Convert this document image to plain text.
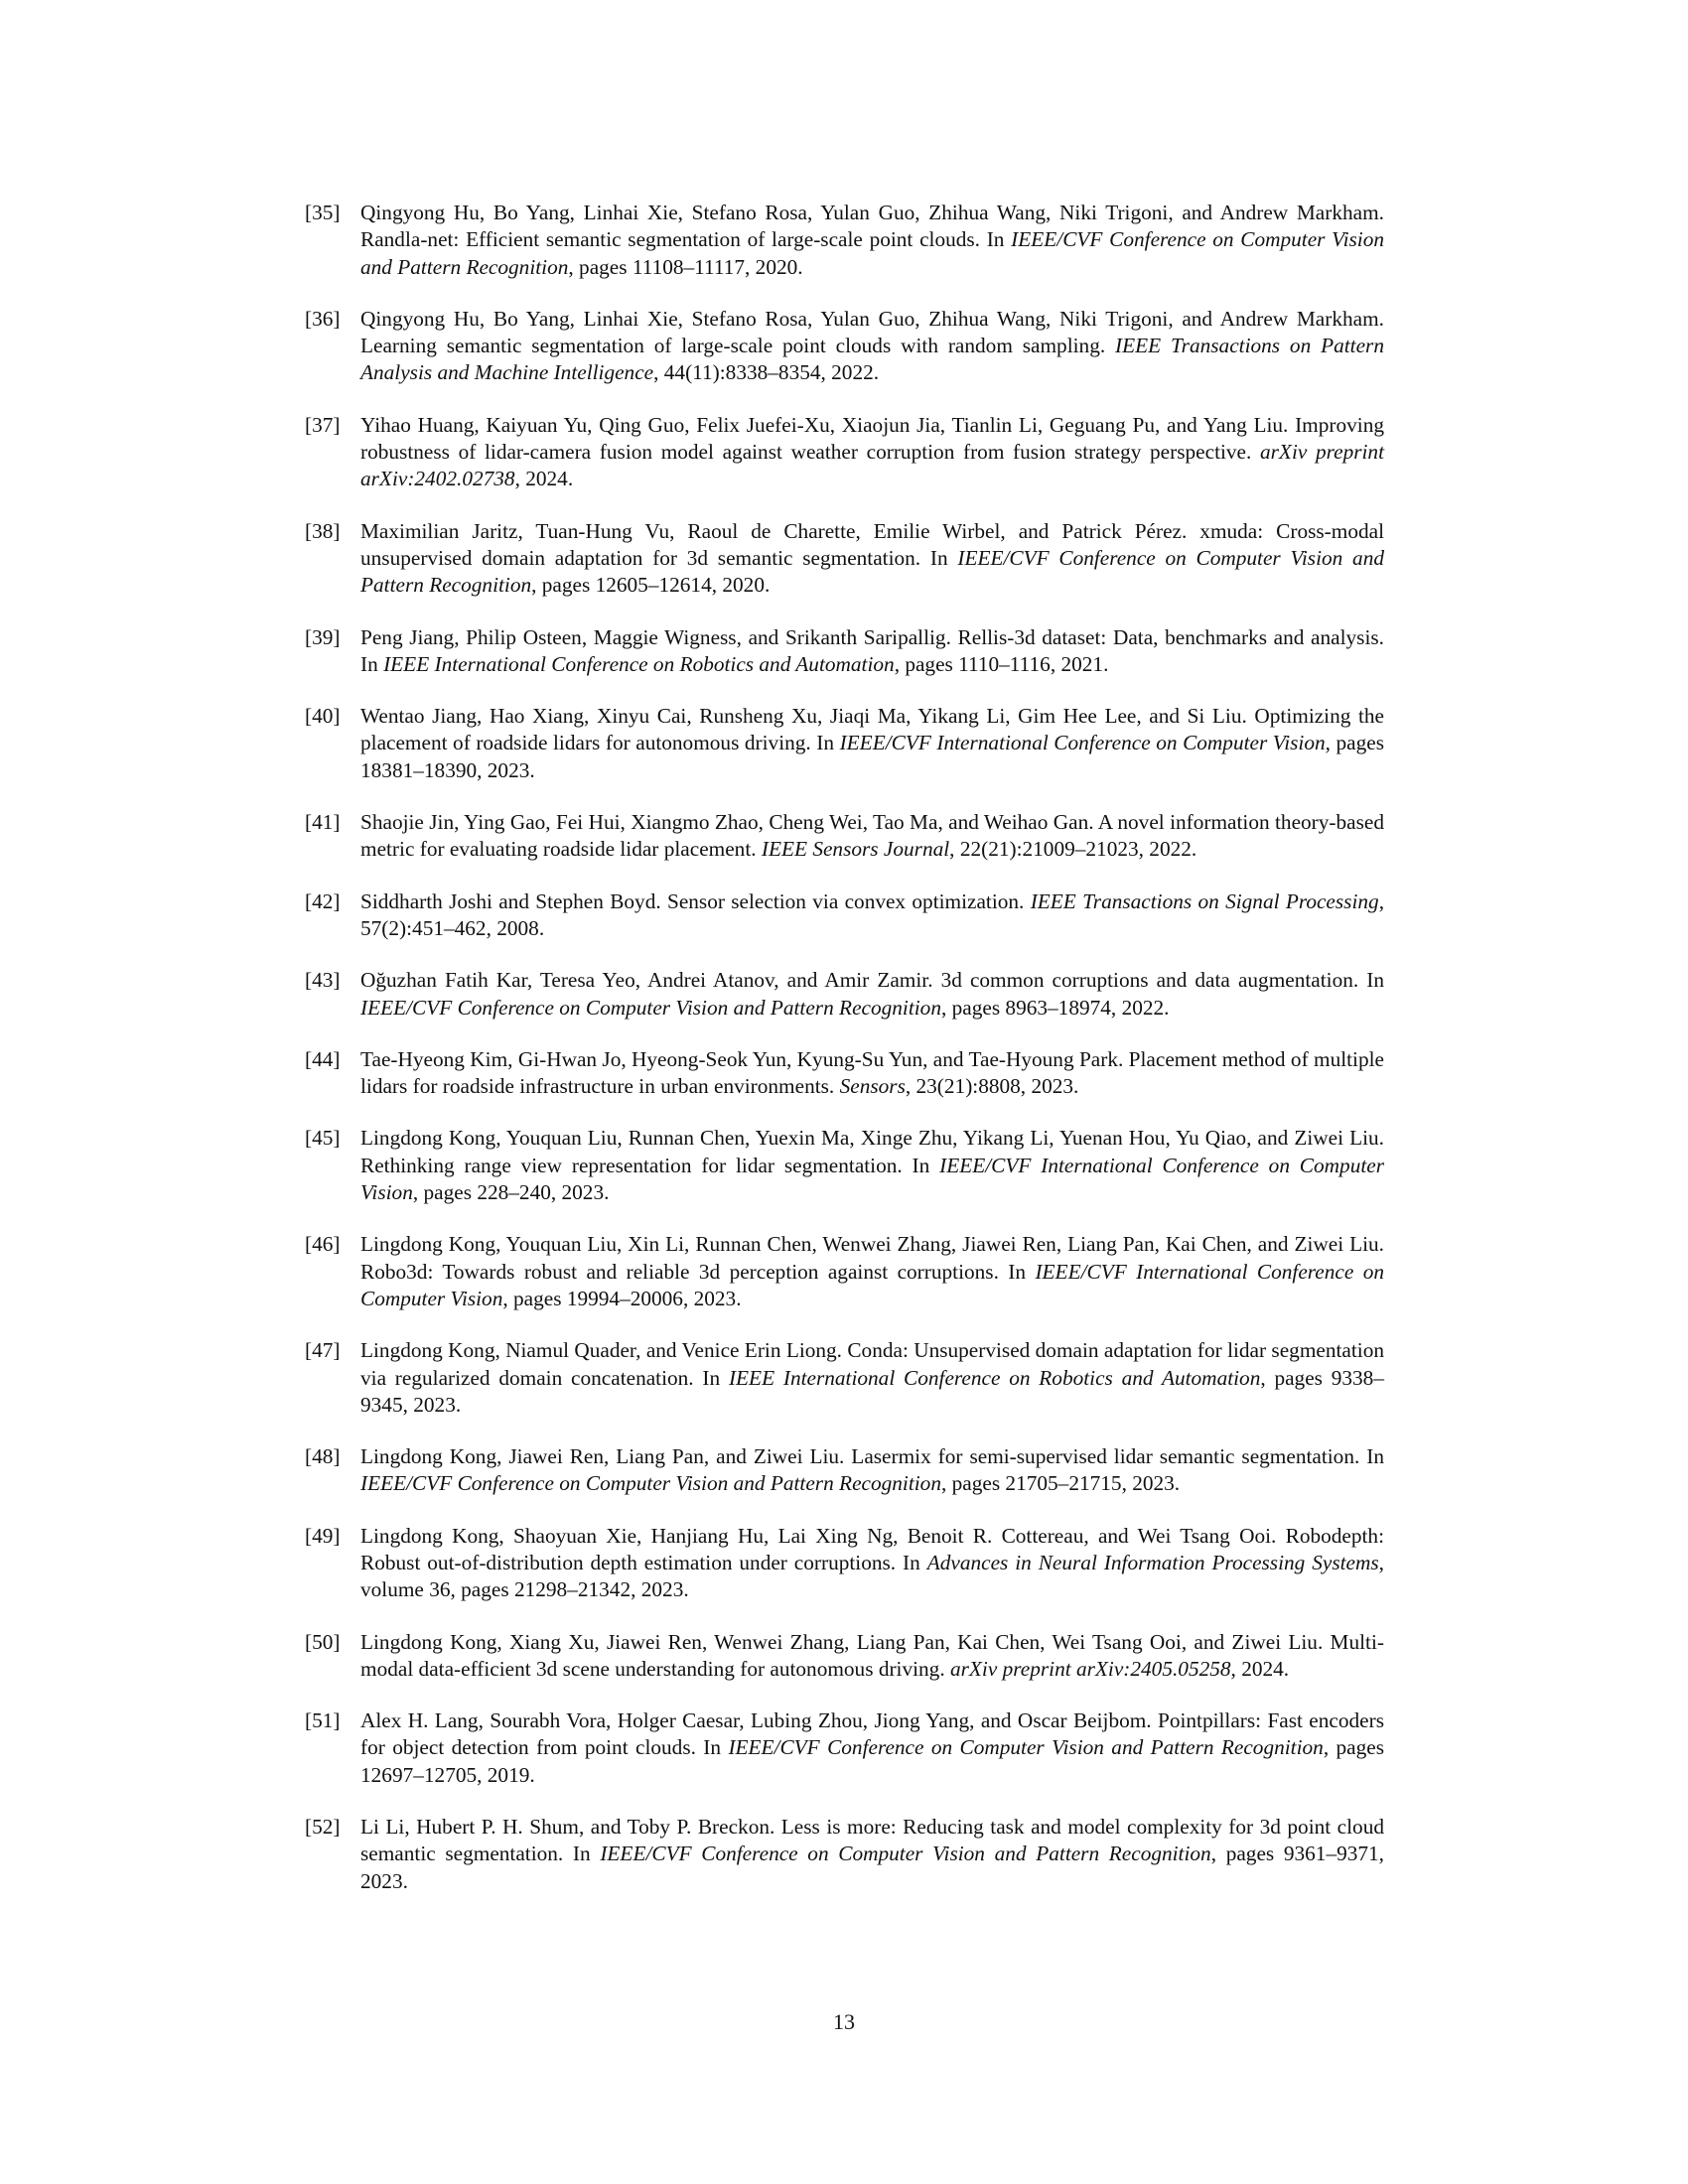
[35] Qingyong Hu, Bo Yang, Linhai Xie, Stefano Rosa, Yulan Guo, Zhihua Wang, Niki Trigoni, and Andrew Markham. Randla-net: Efficient semantic segmentation of large-scale point clouds. In IEEE/CVF Conference on Computer Vision and Pattern Recognition, pages 11108–11117, 2020.
[36] Qingyong Hu, Bo Yang, Linhai Xie, Stefano Rosa, Yulan Guo, Zhihua Wang, Niki Trigoni, and Andrew Markham. Learning semantic segmentation of large-scale point clouds with random sampling. IEEE Transactions on Pattern Analysis and Machine Intelligence, 44(11):8338–8354, 2022.
[37] Yihao Huang, Kaiyuan Yu, Qing Guo, Felix Juefei-Xu, Xiaojun Jia, Tianlin Li, Geguang Pu, and Yang Liu. Improving robustness of lidar-camera fusion model against weather corruption from fusion strategy perspective. arXiv preprint arXiv:2402.02738, 2024.
[38] Maximilian Jaritz, Tuan-Hung Vu, Raoul de Charette, Emilie Wirbel, and Patrick Pérez. xmuda: Cross-modal unsupervised domain adaptation for 3d semantic segmentation. In IEEE/CVF Conference on Computer Vision and Pattern Recognition, pages 12605–12614, 2020.
[39] Peng Jiang, Philip Osteen, Maggie Wigness, and Srikanth Saripallig. Rellis-3d dataset: Data, benchmarks and analysis. In IEEE International Conference on Robotics and Automation, pages 1110–1116, 2021.
[40] Wentao Jiang, Hao Xiang, Xinyu Cai, Runsheng Xu, Jiaqi Ma, Yikang Li, Gim Hee Lee, and Si Liu. Optimizing the placement of roadside lidars for autonomous driving. In IEEE/CVF International Conference on Computer Vision, pages 18381–18390, 2023.
[41] Shaojie Jin, Ying Gao, Fei Hui, Xiangmo Zhao, Cheng Wei, Tao Ma, and Weihao Gan. A novel information theory-based metric for evaluating roadside lidar placement. IEEE Sensors Journal, 22(21):21009–21023, 2022.
[42] Siddharth Joshi and Stephen Boyd. Sensor selection via convex optimization. IEEE Transactions on Signal Processing, 57(2):451–462, 2008.
[43] Oğuzhan Fatih Kar, Teresa Yeo, Andrei Atanov, and Amir Zamir. 3d common corruptions and data augmentation. In IEEE/CVF Conference on Computer Vision and Pattern Recognition, pages 8963–18974, 2022.
[44] Tae-Hyeong Kim, Gi-Hwan Jo, Hyeong-Seok Yun, Kyung-Su Yun, and Tae-Hyoung Park. Placement method of multiple lidars for roadside infrastructure in urban environments. Sensors, 23(21):8808, 2023.
[45] Lingdong Kong, Youquan Liu, Runnan Chen, Yuexin Ma, Xinge Zhu, Yikang Li, Yuenan Hou, Yu Qiao, and Ziwei Liu. Rethinking range view representation for lidar segmentation. In IEEE/CVF International Conference on Computer Vision, pages 228–240, 2023.
[46] Lingdong Kong, Youquan Liu, Xin Li, Runnan Chen, Wenwei Zhang, Jiawei Ren, Liang Pan, Kai Chen, and Ziwei Liu. Robo3d: Towards robust and reliable 3d perception against corruptions. In IEEE/CVF International Conference on Computer Vision, pages 19994–20006, 2023.
[47] Lingdong Kong, Niamul Quader, and Venice Erin Liong. Conda: Unsupervised domain adaptation for lidar segmentation via regularized domain concatenation. In IEEE International Conference on Robotics and Automation, pages 9338–9345, 2023.
[48] Lingdong Kong, Jiawei Ren, Liang Pan, and Ziwei Liu. Lasermix for semi-supervised lidar semantic segmentation. In IEEE/CVF Conference on Computer Vision and Pattern Recognition, pages 21705–21715, 2023.
[49] Lingdong Kong, Shaoyuan Xie, Hanjiang Hu, Lai Xing Ng, Benoit R. Cottereau, and Wei Tsang Ooi. Robodepth: Robust out-of-distribution depth estimation under corruptions. In Advances in Neural Information Processing Systems, volume 36, pages 21298–21342, 2023.
[50] Lingdong Kong, Xiang Xu, Jiawei Ren, Wenwei Zhang, Liang Pan, Kai Chen, Wei Tsang Ooi, and Ziwei Liu. Multi-modal data-efficient 3d scene understanding for autonomous driving. arXiv preprint arXiv:2405.05258, 2024.
[51] Alex H. Lang, Sourabh Vora, Holger Caesar, Lubing Zhou, Jiong Yang, and Oscar Beijbom. Pointpillars: Fast encoders for object detection from point clouds. In IEEE/CVF Conference on Computer Vision and Pattern Recognition, pages 12697–12705, 2019.
[52] Li Li, Hubert P. H. Shum, and Toby P. Breckon. Less is more: Reducing task and model complexity for 3d point cloud semantic segmentation. In IEEE/CVF Conference on Computer Vision and Pattern Recognition, pages 9361–9371, 2023.
13
